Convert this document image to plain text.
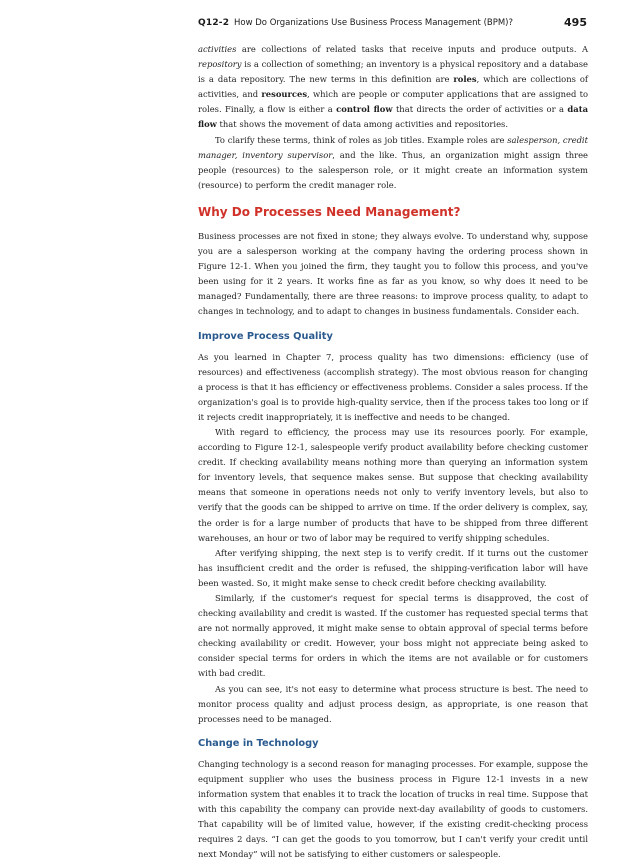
Q12-2 How Do Organizations Use Business Process Management (BPM)?	495

activities are collections of related tasks that receive inputs and produce outputs. A repository is a collection of something; an inventory is a physical repository and a database is a data repository. The new terms in this definition are roles, which are collections of activities, and resources, which are people or computer applications that are assigned to roles. Finally, a flow is either a control flow that directs the order of activities or a data flow that shows the movement of data among activities and repositories.

To clarify these terms, think of roles as job titles. Example roles are salesperson, credit manager, inventory supervisor, and the like. Thus, an organization might assign three people (resources) to the salesperson role, or it might create an information system (resource) to perform the credit manager role.

Why Do Processes Need Management?

Business processes are not fixed in stone; they always evolve. To understand why, suppose you are a salesperson working at the company having the ordering process shown in Figure 12-1. When you joined the firm, they taught you to follow this process, and you've been using for it 2 years. It works fine as far as you know, so why does it need to be managed? Fundamentally, there are three reasons: to improve process quality, to adapt to changes in technology, and to adapt to changes in business fundamentals. Consider each.

Improve Process Quality

As you learned in Chapter 7, process quality has two dimensions: efficiency (use of resources) and effectiveness (accomplish strategy). The most obvious reason for changing a process is that it has efficiency or effectiveness problems. Consider a sales process. If the organization's goal is to provide high-quality service, then if the process takes too long or if it rejects credit inappropriately, it is ineffective and needs to be changed.

With regard to efficiency, the process may use its resources poorly. For example, according to Figure 12-1, salespeople verify product availability before checking customer credit. If checking availability means nothing more than querying an information system for inventory levels, that sequence makes sense. But suppose that checking availability means that someone in operations needs not only to verify inventory levels, but also to verify that the goods can be shipped to arrive on time. If the order delivery is complex, say, the order is for a large number of products that have to be shipped from three different warehouses, an hour or two of labor may be required to verify shipping schedules.

After verifying shipping, the next step is to verify credit. If it turns out the customer has insufficient credit and the order is refused, the shipping-verification labor will have been wasted. So, it might make sense to check credit before checking availability.

Similarly, if the customer's request for special terms is disapproved, the cost of checking availability and credit is wasted. If the customer has requested special terms that are not normally approved, it might make sense to obtain approval of special terms before checking availability or credit. However, your boss might not appreciate being asked to consider special terms for orders in which the items are not available or for customers with bad credit.

As you can see, it's not easy to determine what process structure is best. The need to monitor process quality and adjust process design, as appropriate, is one reason that processes need to be managed.

Change in Technology

Changing technology is a second reason for managing processes. For example, suppose the equipment supplier who uses the business process in Figure 12-1 invests in a new information system that enables it to track the location of trucks in real time. Suppose that with this capability the company can provide next-day availability of goods to customers. That capability will be of limited value, however, if the existing credit-checking process requires 2 days. “I can get the goods to you tomorrow, but I can't verify your credit until next Monday” will not be satisfying to either customers or salespeople.
